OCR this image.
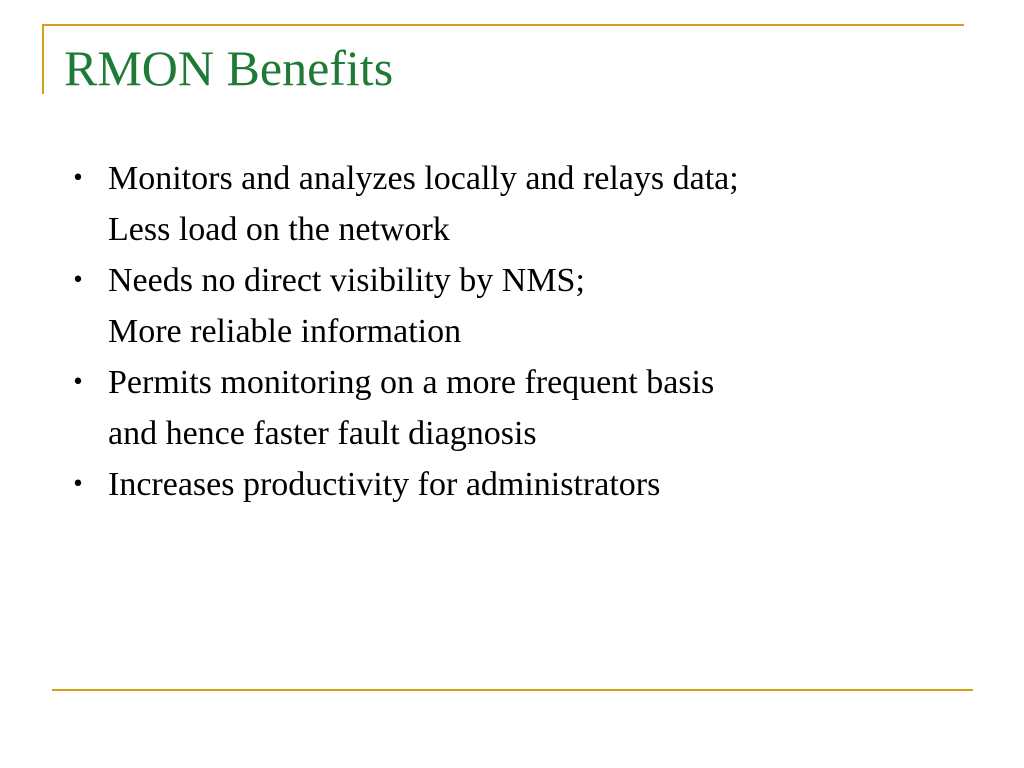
RMON Benefits
• Monitors and analyzes locally and relays data;
Less load on the network
• Needs no direct visibility by NMS;
More reliable information
• Permits monitoring on a more frequent basis
and hence faster fault diagnosis
• Increases productivity for administrators
